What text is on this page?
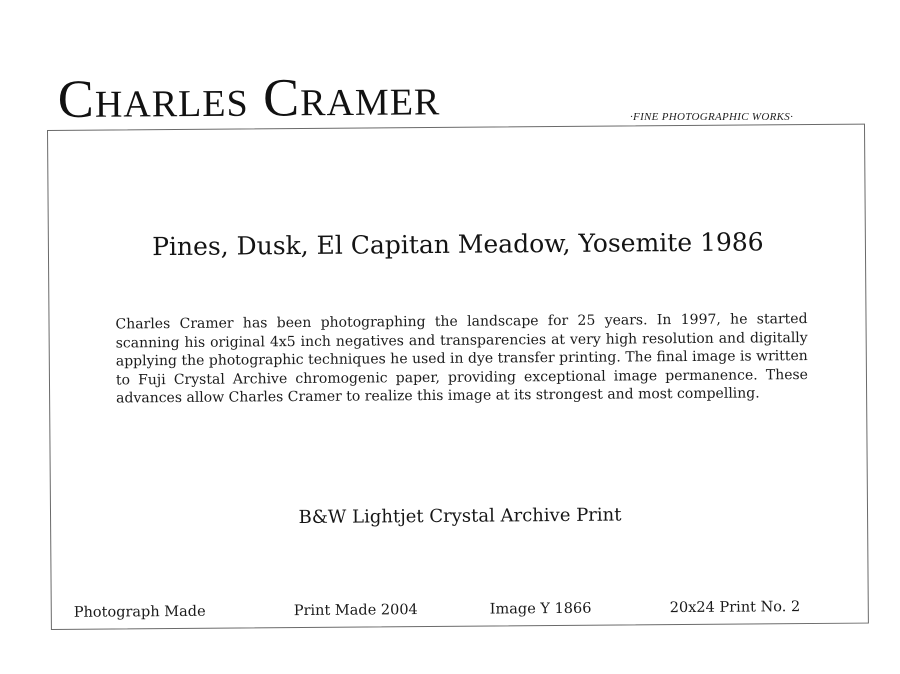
Charles Cramer	·FINE PHOTOGRAPHIC WORKS·
Pines, Dusk, El Capitan Meadow, Yosemite 1986
Charles Cramer has been photographing the landscape for 25 years. In 1997, he started scanning his original 4x5 inch negatives and transparencies at very high resolution and digitally applying the photographic techniques he used in dye transfer printing. The final image is written to Fuji Crystal Archive chromogenic paper, providing exceptional image permanence. These advances allow Charles Cramer to realize this image at its strongest and most compelling.
B&W Lightjet Crystal Archive Print
Photograph Made	Print Made 2004	Image Y 1866	20x24 Print No. 2
